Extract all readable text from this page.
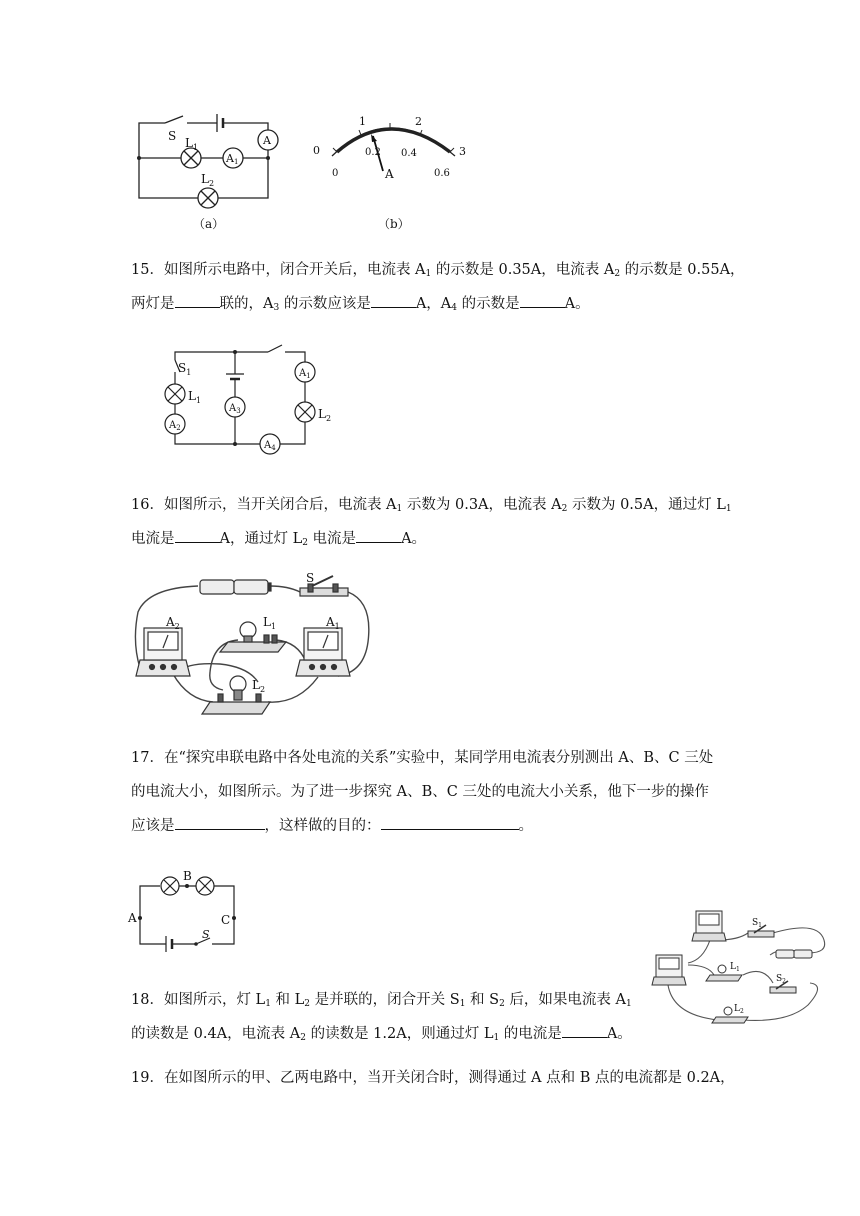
S $L_1$
$L_2$
A
A1
（a）
0
1	2
3
0
0.2 0.4
0.6
A
（b）
15．如图所示电路中，闭合开关后，电流表 $A_1$ 的示数是 0.35A，电流表 $A_2$ 的示数是 0.55A，
两灯是	联的，$A_3$ 的示数应该是	A，$A_4$ 的示数是	A。
$S_1$
$L_1$
$A_2$
$A_3$
$A_4$
$A_1$
$L_2$
16．如图所示，当开关闭合后，电流表 $A_1$ 示数为 0.3A，电流表 $A_2$ 示数为 0.5A，通过灯 $L_1$
电流是	A，通过灯 $L_2$ 电流是	A。
S
$A_2$	$L_1$	$A_1$
$L_2$
17．在“探究串联电路中各处电流的关系”实验中，某同学用电流表分别测出 A、B、C 三处
的电流大小，如图所示。为了进一步探究 A、B、C 三处的电流大小关系，他下一步的操作
应该是	，这样做的目的：	。
A
B
C
S
$S_1$
$L_1$
$S_2$
$L_2$
18．如图所示，灯 $L_1$ 和 $L_2$ 是并联的，闭合开关 $S_1$ 和 $S_2$ 后，如果电流表 $A_1$
的读数是 0.4A，电流表 $A_2$ 的读数是 1.2A，则通过灯 $L_1$ 的电流是	A。
19．在如图所示的甲、乙两电路中，当开关闭合时，测得通过 A 点和 B 点的电流都是 0.2A，
